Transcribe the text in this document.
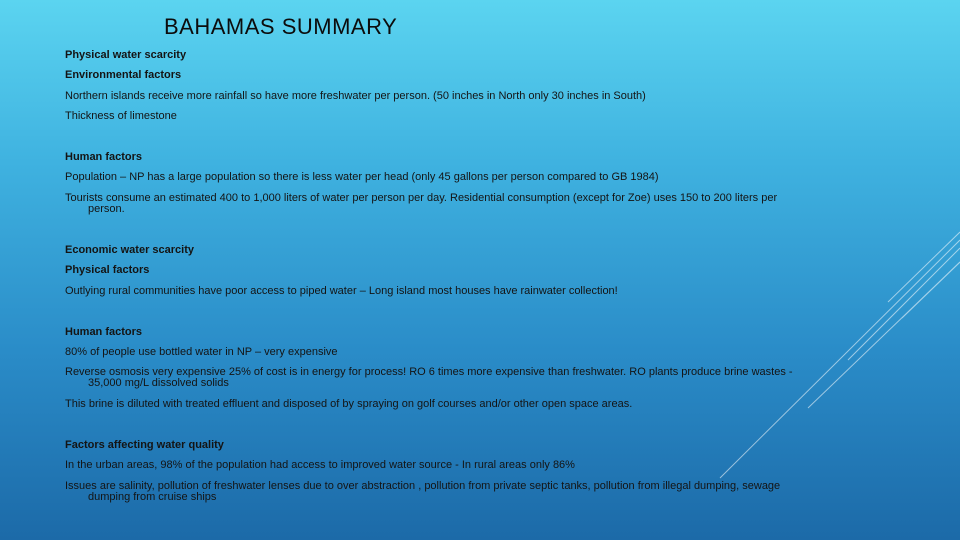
BAHAMAS SUMMARY
Physical water scarcity
Environmental factors
Northern islands receive more rainfall so have more freshwater per person. (50 inches in North only 30 inches in South)
Thickness of limestone
Human factors
Population – NP has a large population so there is less water per head (only 45 gallons per person compared to GB 1984)
Tourists consume an estimated 400 to 1,000 liters of water per person per day. Residential consumption (except for Zoe) uses 150 to 200 liters per
person.
Economic water scarcity
Physical factors
Outlying rural communities have poor access to piped water – Long island most houses have rainwater collection!
Human factors
80% of people use bottled water in NP – very expensive
Reverse osmosis very expensive 25% of cost is in energy for process! RO 6 times more expensive than freshwater. RO plants produce brine wastes -
35,000 mg/L dissolved solids
This brine is diluted with treated effluent and disposed of by spraying on golf courses and/or other open space areas.
Factors affecting water quality
In the urban areas, 98% of the population had access to improved water source - In rural areas only 86%
Issues are salinity, pollution of freshwater lenses due to over abstraction , pollution from private septic tanks, pollution from illegal dumping, sewage
dumping from cruise ships
